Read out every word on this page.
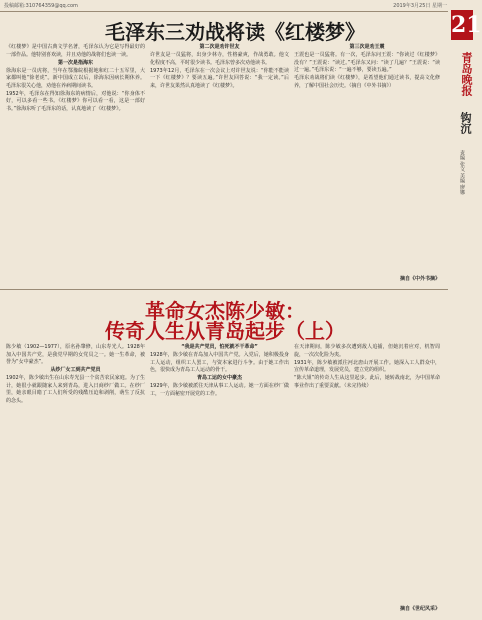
投稿邮箱:310764359@qq.com	2019年3月25日 星期一
21
青岛晚报
钩沉
责编 张文 美编 廖娜
毛泽东三劝战将读《红楼梦》

《红楼梦》是中国古典文学名著，毛泽东认为它是写得最好的一部作品。他特别喜欢读，并且劝他的战将们也读一读。

第一次是指海东

徐海东是一员虎将，当年在鄂豫皖根据地和红二十五军里，大家都叫他“徐老虎”。新中国成立以后，徐海东因病长期休养。毛泽东很关心他，劝他在养病期间读书。

1952年，毛泽东在得知徐海东的病情后，对他说：“你身体不好，可以多看一些书。《红楼梦》你可以看一看，这是一部好书。”徐海东听了毛泽东的话，认真地读了《红楼梦》。

第二次是劝许世友

许世友是一员猛将，出身少林寺，性格豪爽，作战勇敢。他文化程度不高，平时很少读书。毛泽东曾多次劝他读书。

1973年12月，毛泽东在一次会议上对许世友说：“你能不能读一下《红楼梦》？要读五遍。”许世友回答说：“我一定读。”后来，许世友果然认真地读了《红楼梦》。

第三次是劝王震

王震也是一员猛将。有一次，毛泽东问王震：“你读过《红楼梦》没有？”王震说：“读过。”毛泽东又问：“读了几遍？”王震说：“读过一遍。”毛泽东说：“一遍不够，要读五遍。”

毛泽东劝战将们读《红楼梦》，是希望他们通过读书，提高文化修养，了解中国社会历史。（摘自《中外书摘》）

摘自《中外书摘》
革命女杰陈少敏：
传奇人生从青岛起步（上）

陈少敏（1902—1977），原名孙肇修，山东寿光人。1928年加入中国共产党，是我党早期的女党员之一。她一生革命，被誉为“女中豪杰”。

从纱厂女工到共产党员

1902年，陈少敏出生在山东寿光县一个贫苦农民家庭。为了生计，她很小就跟随家人来到青岛，进入日商纱厂做工。在纱厂里，她亲眼目睹了工人们所受的残酷压迫和剥削，萌生了反抗的念头。

“我是共产党员，怕死就不干革命”

1928年，陈少敏在青岛加入中国共产党。入党后，她积极投身工人运动，组织工人罢工，与资本家进行斗争。由于她工作出色，很快成为青岛工人运动的骨干。

青岛工运的女中豪杰

1929年，陈少敏被派往天津从事工人运动。她一方面在纱厂做工，一方面秘密开展党的工作。

在天津期间，陈少敏多次遭到敌人追捕，但她沉着应对，机智周旋，一次次化险为夷。

1931年，陈少敏被派往河北唐山开展工作。她深入工人群众中，宣传革命道理，发展党员，建立党的组织。

“陈大姐”的传奇人生从这里起步。此后，她转战南北，为中国革命事业作出了重要贡献。（未完待续）

摘自《世纪风采》
